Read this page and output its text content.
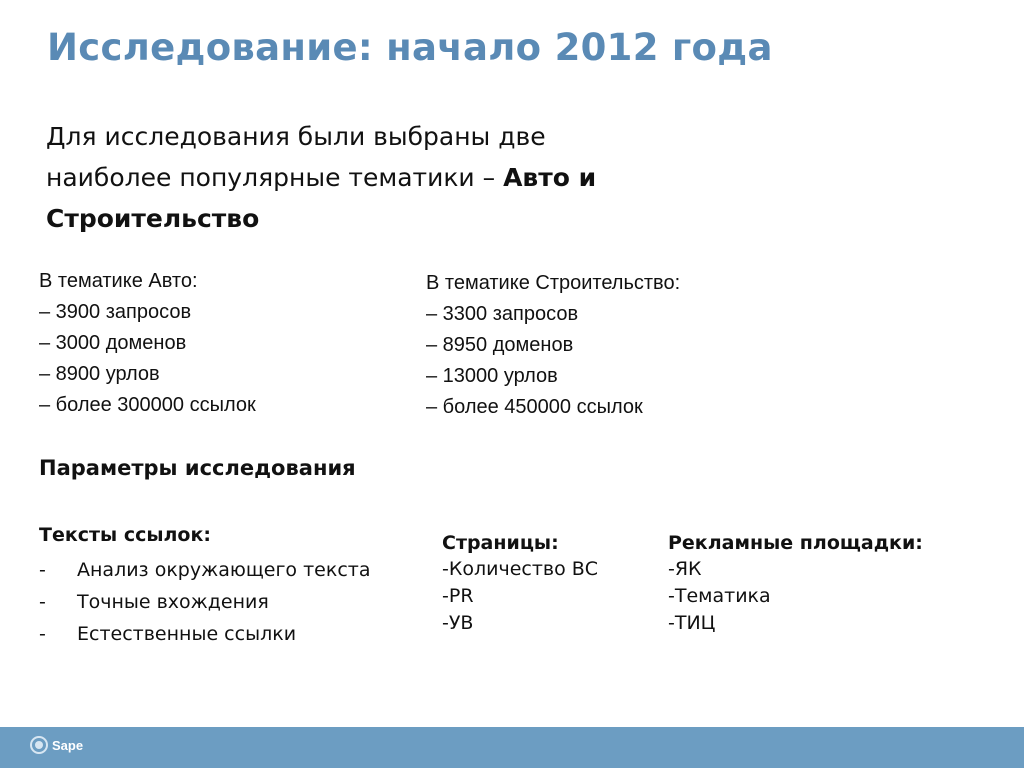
Исследование: начало 2012 года
Для исследования были выбраны две
наиболее популярные тематики – Авто и
Строительство
В тематике Авто:
– 3900 запросов
– 3000 доменов
– 8900 урлов
– более 300000 ссылок
В тематике Строительство:
– 3300 запросов
– 8950 доменов
– 13000 урлов
– более 450000 ссылок
Параметры исследования
Тексты ссылок:
-	Анализ окружающего текста
-	Точные вхождения
-	Естественные ссылки
Страницы:
-Количество ВС
-PR
-УВ
Рекламные площадки:
-ЯК
-Тематика
-ТИЦ
Sape
